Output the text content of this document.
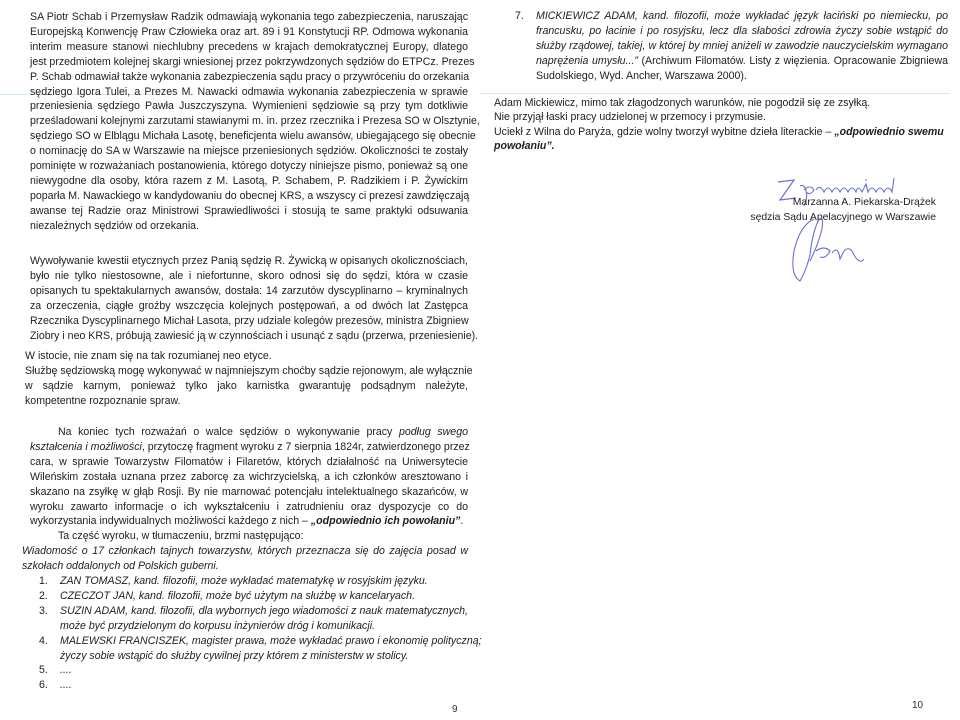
SA Piotr Schab i Przemysław Radzik odmawiają wykonania tego zabezpieczenia, naruszając
Europejską Konwencję Praw Człowieka oraz art. 89 i 91 Konstytucji RP. Odmowa wykonania
interim measure stanowi niechlubny precedens w krajach demokratycznej Europy, dlatego
jest przedmiotem kolejnej skargi wniesionej przez pokrzywdzonych sędziów do ETPCz. Prezes
P. Schab odmawiał także wykonania zabezpieczenia sądu pracy o przywróceniu do orzekania
sędziego Igora Tulei, a Prezes M. Nawacki odmawia wykonania zabezpieczenia w sprawie
przeniesienia sędziego Pawła Juszczyszyna. Wymienieni sędziowie są przy tym dotkliwie
prześladowani kolejnymi zarzutami stawianymi m. in. przez rzecznika i Prezesa SO w Olsztynie,
sędziego SO w Elblągu Michała Lasotę, beneficjenta wielu awansów, ubiegającego się obecnie
o nominację do SA w Warszawie na miejsce przeniesionych sędziów. Okoliczności te zostały
pominięte w rozważaniach postanowienia, którego dotyczy niniejsze pismo, ponieważ są one
niewygodne dla osoby, która razem z M. Lasotą, P. Schabem, P. Radzikiem i P. Żywickim
poparła M. Nawackiego w kandydowaniu do obecnej KRS, a wszyscy ci prezesi zawdzięczają
awanse tej Radzie oraz Ministrowi Sprawiedliwości i stosują te same praktyki odsuwania
niezależnych sędziów od orzekania.
Wywoływanie kwestii etycznych przez Panią sędzię R. Żywicką w opisanych okolicznościach,
było nie tylko niestosowne, ale i niefortunne, skoro odnosi się do sędzi, która w czasie
opisanych tu spektakularnych awansów, dostała: 14 zarzutów dyscyplinarno – kryminalnych
za orzeczenia, ciągłe groźby wszczęcia kolejnych postępowań, a od dwóch lat Zastępca
Rzecznika Dyscyplinarnego Michał Lasota, przy udziale kolegów prezesów, ministra Zbigniew
Ziobry i neo KRS, próbują zawiesić ją w czynnościach i usunąć z sądu (przerwa, przeniesienie).
W istocie, nie znam się na tak rozumianej neo etyce.
Służbę sędziowską mogę wykonywać w najmniejszym choćby sądzie rejonowym, ale wyłącznie
w sądzie karnym, ponieważ tylko jako karnistka gwarantuję podsądnym należyte,
kompetentne rozpoznanie spraw.
Na koniec tych rozważań o walce sędziów o wykonywanie pracy podług swego
kształcenia i możliwości, przytoczę fragment wyroku z 7 sierpnia 1824r, zatwierdzonego przez
cara, w sprawie Towarzystw Filomatów i Filaretów, których działalność na Uniwersytecie
Wileńskim została uznana przez zaborcę za wichrzycielską, a ich członków aresztowano i
skazano na zsyłkę w głąb Rosji. By nie marnować potencjału intelektualnego skazańców, w
wyroku zawarto informacje o ich wykształceniu i zatrudnieniu oraz dyspozycje co do
wykorzystania indywidualnych możliwości każdego z nich – „odpowiednio ich powołaniu”.
Ta część wyroku, w tłumaczeniu, brzmi następująco:
Wiadomość o 17 członkach tajnych towarzystw, których przeznacza się do zajęcia posad w
szkołach oddalonych od Polskich guberni.
1. ZAN TOMASZ, kand. filozofii, może wykładać matematykę w rosyjskim języku.
2. CZECZOT JAN, kand. filozofii, może być użytym na służbę w kancelaryach.
3. SUZIN ADAM, kand. filozofii, dla wybornych jego wiadomości z nauk matematycznych,
może być przydzielonym do korpusu inżynierów dróg i komunikacji.
4. MALEWSKI FRANCISZEK, magister prawa, może wykładać prawo i ekonomię polityczną;
życzy sobie wstąpić do służby cywilnej przy którem z ministerstw w stolicy.
5. ....
6. ....
9
7. MICKIEWICZ ADAM, kand. filozofii, może wykładać język łaciński po niemiecku, po
francusku, po łacinie i po rosyjsku, lecz dla słabości zdrowia życzy sobie wstąpić do
służby rządowej, takiej, w której by mniej aniżeli w zawodzie nauczycielskim wymagano
naprężenia umysłu...” (Archiwum Filomatów. Listy z więzienia. Opracowanie Zbigniewa
Sudolskiego, Wyd. Ancher, Warszawa 2000).
Adam Mickiewicz, mimo tak złagodzonych warunków, nie pogodził się ze zsyłką.
Nie przyjął łaski pracy udzielonej w przemocy i przymusie.
Uciekł z Wilna do Paryża, gdzie wolny tworzył wybitne dzieła literackie – „odpowiednio swemu
powołaniu”.
Marzanna A. Piekarska-Drążek
sędzia Sądu Apelacyjnego w Warszawie
10
